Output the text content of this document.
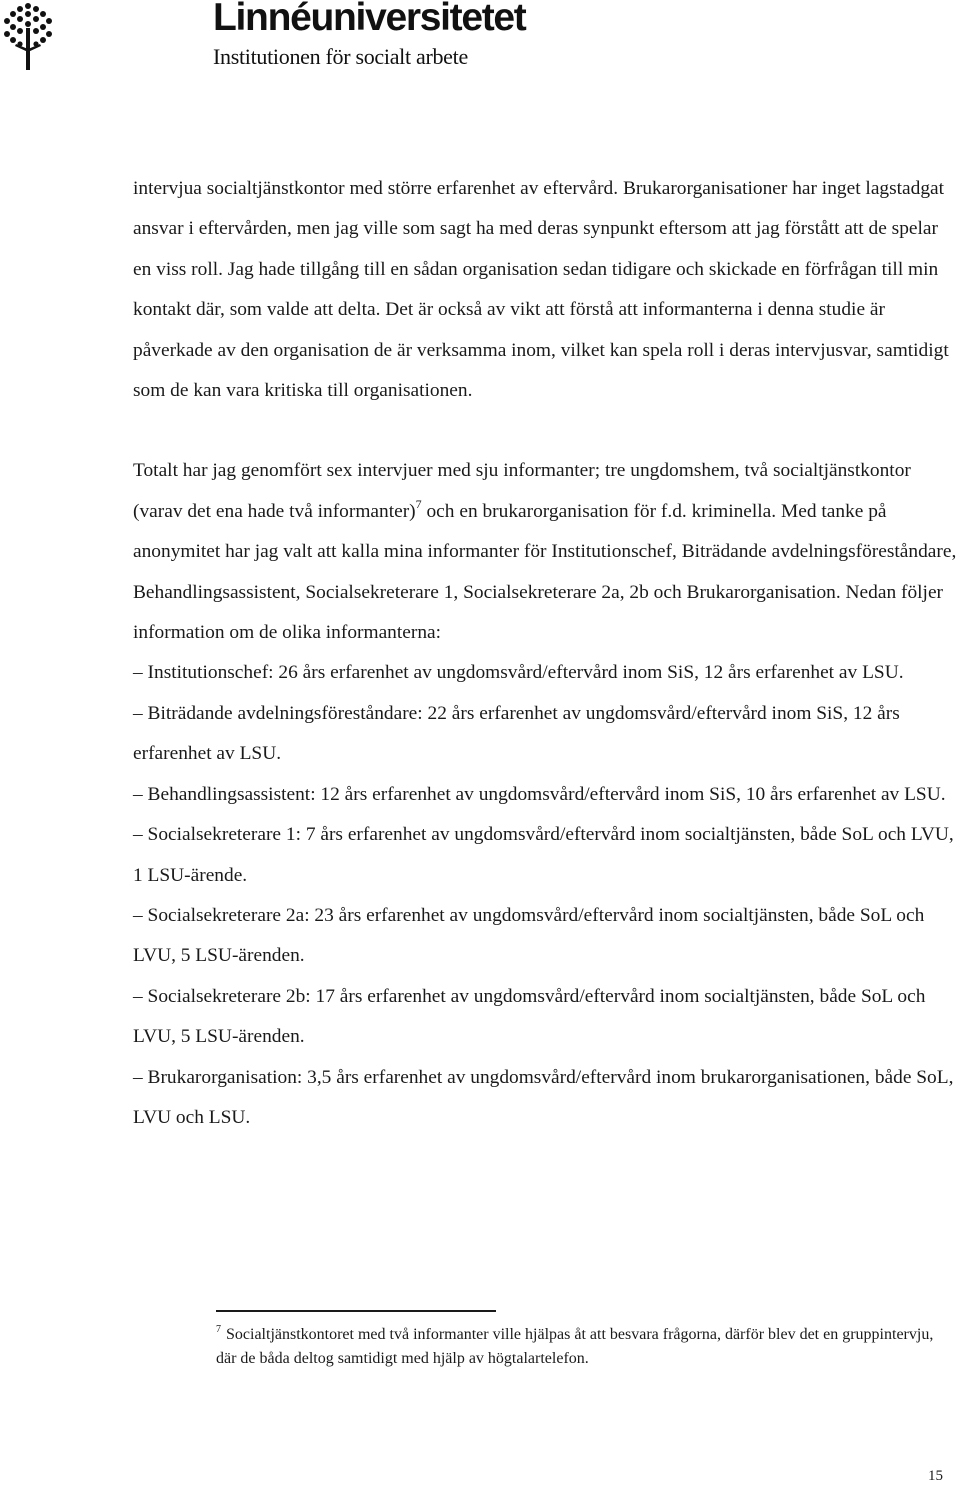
Linnéuniversitetet
Institutionen för socialt arbete

intervjua socialtjänstkontor med större erfarenhet av eftervård. Brukarorganisationer har inget lagstadgat ansvar i eftervården, men jag ville som sagt ha med deras synpunkt eftersom att jag förstått att de spelar en viss roll. Jag hade tillgång till en sådan organisation sedan tidigare och skickade en förfrågan till min kontakt där, som valde att delta. Det är också av vikt att förstå att informanterna i denna studie är påverkade av den organisation de är verksamma inom, vilket kan spela roll i deras intervjusvar, samtidigt som de kan vara kritiska till organisationen.

Totalt har jag genomfört sex intervjuer med sju informanter; tre ungdomshem, två socialtjänstkontor (varav det ena hade två informanter)$^7$ och en brukarorganisation för f.d. kriminella. Med tanke på anonymitet har jag valt att kalla mina informanter för Institutionschef, Biträdande avdelningsföreståndare, Behandlingsassistent, Socialsekreterare 1, Socialsekreterare 2a, 2b och Brukarorganisation. Nedan följer information om de olika informanterna:

– Institutionschef: 26 års erfarenhet av ungdomsvård/eftervård inom SiS, 12 års erfarenhet av LSU.

– Biträdande avdelningsföreståndare: 22 års erfarenhet av ungdomsvård/eftervård inom SiS, 12 års erfarenhet av LSU.

– Behandlingsassistent: 12 års erfarenhet av ungdomsvård/eftervård inom SiS, 10 års erfarenhet av LSU.

– Socialsekreterare 1: 7 års erfarenhet av ungdomsvård/eftervård inom socialtjänsten, både SoL och LVU, 1 LSU-ärende.

– Socialsekreterare 2a: 23 års erfarenhet av ungdomsvård/eftervård inom socialtjänsten, både SoL och LVU, 5 LSU-ärenden.

– Socialsekreterare 2b: 17 års erfarenhet av ungdomsvård/eftervård inom socialtjänsten, både SoL och LVU, 5 LSU-ärenden.

– Brukarorganisation: 3,5 års erfarenhet av ungdomsvård/eftervård inom brukarorganisationen, både SoL, LVU och LSU.

$^7$ Socialtjänstkontoret med två informanter ville hjälpas åt att besvara frågorna, därför blev det en gruppintervju, där de båda deltog samtidigt med hjälp av högtalartelefon.
15
